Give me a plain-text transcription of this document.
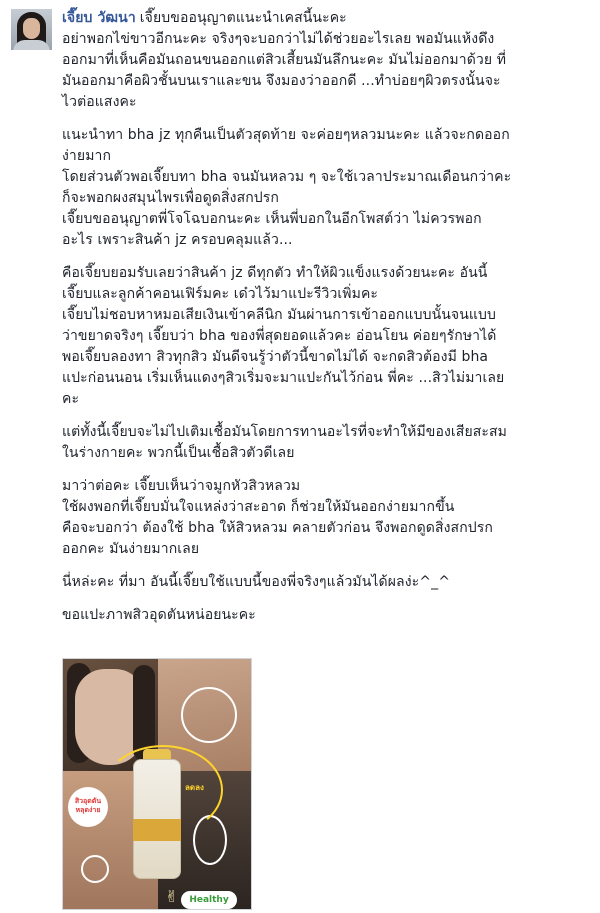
เจี๊ยบ วัฒนา เจี๊ยบขออนุญาตแนะนำเคสนี้นะคะ
อย่าพอกไข่ขาวอีกนะคะ จริงๆจะบอกว่าไม่ได้ช่วยอะไรเลย พอมันแห้งดึง
ออกมาที่เห็นคือมันถอนขนออกแต่สิวเสี้ยนมันลึกนะคะ มันไม่ออกมาด้วย ที่
มันออกมาคือผิวชั้นบนเราและขน จึงมองว่าออกดี ...ทำบ่อยๆผิวตรงนั้นจะ
ไวต่อแสงคะ
แนะนำทา bha jz ทุกคืนเป็นตัวสุดท้าย จะค่อยๆหลวมนะคะ แล้วจะกดออก
ง่ายมาก
โดยส่วนตัวพอเจี๊ยบทา bha จนมันหลวม ๆ จะใช้เวลาประมาณเดือนกว่าคะ
ก็จะพอกผงสมุนไพรเพื่อดูดสิ่งสกปรก
เจี๊ยบขออนุญาตพี่โจโฉบอกนะคะ เห็นพี่บอกในอีกโพสต์ว่า ไม่ควรพอก
อะไร เพราะสินค้า jz ครอบคลุมแล้ว...
คือเจี๊ยบยอมรับเลยว่าสินค้า jz ดีทุกตัว ทำให้ผิวแข็งแรงด้วยนะคะ อันนี้
เจี๊ยบและลูกค้าคอนเฟิร์มคะ เด๋วไว้มาแปะรีวิวเพิ่มคะ
เจี๊ยบไม่ชอบหาหมอเสียเงินเข้าคลีนิก มันผ่านการเข้าออกแบบนั้นจนแบบ
ว่าขยาดจริงๆ เจี๊ยบว่า bha ของพี่สุดยอดแล้วคะ อ่อนโยน ค่อยๆรักษาได้
พอเจี๊ยบลองทา สิวทุกสิว มันดีจนรู้ว่าตัวนี้ขาดไม่ได้ จะกดสิวต้องมี bha
แปะก่อนนอน เริ่มเห็นแดงๆสิวเริ่มจะมาแปะกันไว้ก่อน พี่คะ ...สิวไม่มาเลย
คะ
แต่ทั้งนี้เจี๊ยบจะไม่ไปเติมเชื้อมันโดยการทานอะไรที่จะทำให้มีของเสียสะสม
ในร่างกายคะ พวกนี้เป็นเชื้อสิวตัวดีเลย
มาว่าต่อคะ เจี๊ยบเห็นว่าจมูกหัวสิวหลวม
ใช้ผงพอกที่เจี๊ยบมั่นใจแหล่งว่าสะอาด ก็ช่วยให้มันออกง่ายมากขึ้น
คือจะบอกว่า ต้องใช้ bha ให้สิวหลวม คลายตัวก่อน จึงพอกดูดสิ่งสกปรก
ออกคะ มันง่ายมากเลย
นี่หล่ะคะ ที่มา อันนี้เจี๊ยบใช้แบบนี้ของพี่จริงๆแล้วมันได้ผลง่ะ^_^
ขอแปะภาพสิวอุดตันหน่อยนะคะ
สิวอุดตัน
หลุดง่าย
ลดลง
✌	Healthy
